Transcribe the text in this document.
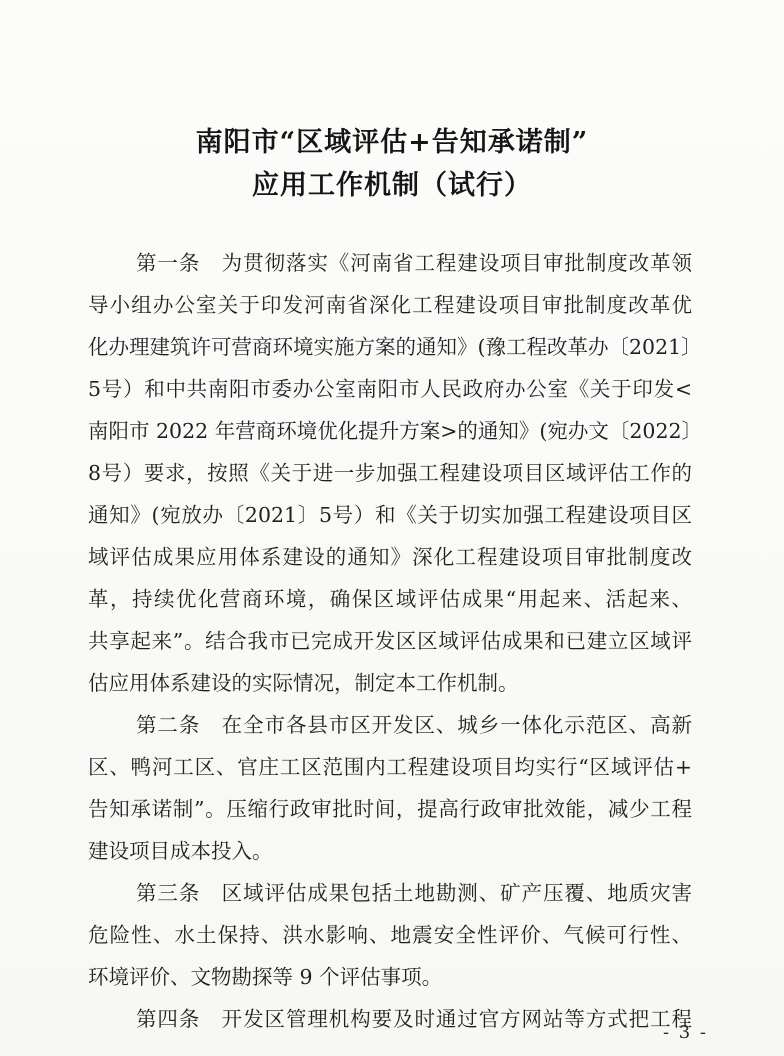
南阳市“区域评估+告知承诺制”
应用工作机制（试行）
第一条　为贯彻落实《河南省工程建设项目审批制度改革领
导小组办公室关于印发河南省深化工程建设项目审批制度改革优
化办理建筑许可营商环境实施方案的通知》(豫工程改革办〔2021〕
5号）和中共南阳市委办公室南阳市人民政府办公室《关于印发<
南阳市 2022 年营商环境优化提升方案>的通知》(宛办文〔2022〕
8号）要求，按照《关于进一步加强工程建设项目区域评估工作的
通知》(宛放办〔2021〕5号）和《关于切实加强工程建设项目区
域评估成果应用体系建设的通知》深化工程建设项目审批制度改
革，持续优化营商环境，确保区域评估成果“用起来、活起来、
共享起来”。结合我市已完成开发区区域评估成果和已建立区域评
估应用体系建设的实际情况，制定本工作机制。
第二条　在全市各县市区开发区、城乡一体化示范区、高新
区、鸭河工区、官庄工区范围内工程建设项目均实行“区域评估+
告知承诺制”。压缩行政审批时间，提高行政审批效能，减少工程
建设项目成本投入。
第三条　区域评估成果包括土地勘测、矿产压覆、地质灾害
危险性、水土保持、洪水影响、地震安全性评价、气候可行性、
环境评价、文物勘探等 9 个评估事项。
第四条　开发区管理机构要及时通过官方网站等方式把工程
- 3 -
